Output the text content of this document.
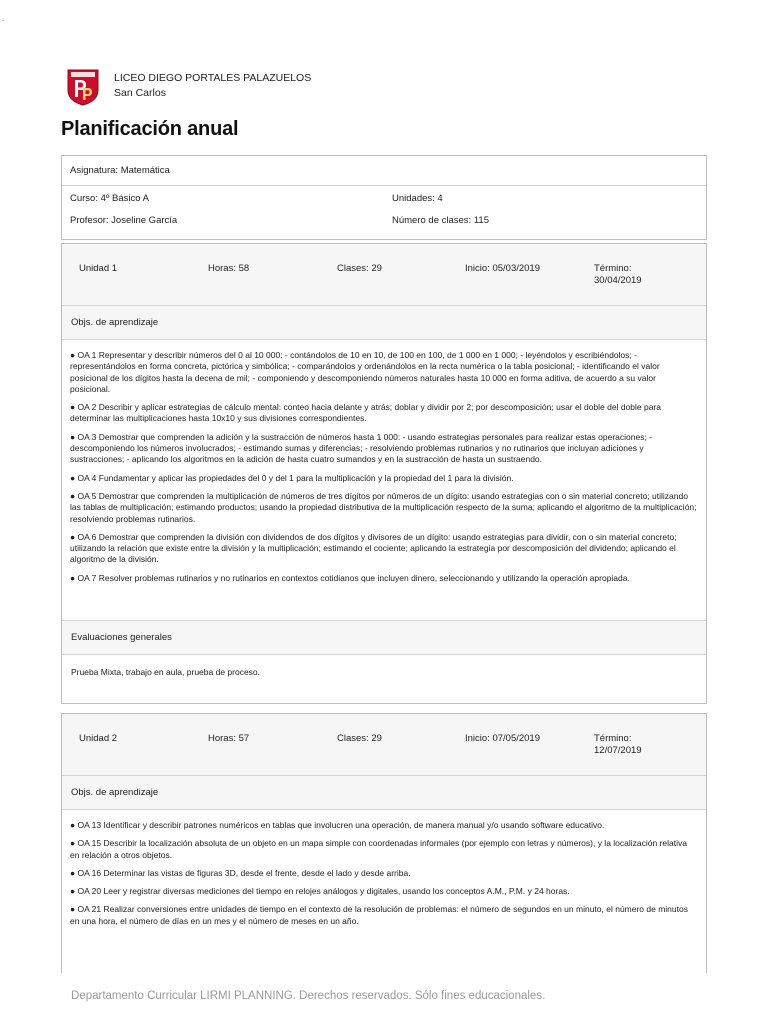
.
LICEO DIEGO PORTALES PALAZUELOS
San Carlos
Planificación anual
Asignatura: Matemática
Curso: 4º Básico A	Unidades: 4
Profesor: Joseline García	Número de clases: 115
Unidad 1	Horas: 58	Clases: 29	Inicio: 05/03/2019	Término:
30/04/2019
Objs. de aprendizaje
● OA 1 Representar y describir números del 0 al 10 000: - contándolos de 10 en 10, de 100 en 100, de 1 000 en 1 000; - leyéndolos y escribiéndolos; - representándolos en forma concreta, pictórica y simbólica; - comparándolos y ordenándolos en la recta numérica o la tabla posicional; - identificando el valor posicional de los dígitos hasta la decena de mil; - componiendo y descomponiendo números naturales hasta 10 000 en forma aditiva, de acuerdo a su valor posicional.
● OA 2 Describir y aplicar estrategias de cálculo mental: conteo hacia delante y atrás; doblar y dividir por 2; por descomposición; usar el doble del doble para determinar las multiplicaciones hasta 10x10 y sus divisiones correspondientes.
● OA 3 Demostrar que comprenden la adición y la sustracción de números hasta 1 000: - usando estrategias personales para realizar estas operaciones; - descomponiendo los números involucrados; - estimando sumas y diferencias; - resolviendo problemas rutinarios y no rutinarios que incluyan adiciones y sustracciones; - aplicando los algoritmos en la adición de hasta cuatro sumandos y en la sustracción de hasta un sustraendo.
● OA 4 Fundamentar y aplicar las propiedades del 0 y del 1 para la multiplicación y la propiedad del 1 para la división.
● OA 5 Demostrar que comprenden la multiplicación de números de tres dígitos por números de un dígito: usando estrategias con o sin material concreto; utilizando las tablas de multiplicación; estimando productos; usando la propiedad distributiva de la multiplicación respecto de la suma; aplicando el algoritmo de la multiplicación; resolviendo problemas rutinarios.
● OA 6 Demostrar que comprenden la división con dividendos de dos dígitos y divisores de un dígito: usando estrategias para dividir, con o sin material concreto; utilizando la relación que existe entre la división y la multiplicación; estimando el cociente; aplicando la estrategia por descomposición del dividendo; aplicando el algoritmo de la división.
● OA 7 Resolver problemas rutinarios y no rutinarios en contextos cotidianos que incluyen dinero, seleccionando y utilizando la operación apropiada.
Evaluaciones generales
Prueba Mixta, trabajo en aula, prueba de proceso.
Unidad 2	Horas: 57	Clases: 29	Inicio: 07/05/2019	Término:
12/07/2019
Objs. de aprendizaje
● OA 13 Identificar y describir patrones numéricos en tablas que involucren una operación, de manera manual y/o usando software educativo.
● OA 15 Describir la localización absoluta de un objeto en un mapa simple con coordenadas informales (por ejemplo con letras y números), y la localización relativa en relación a otros objetos.
● OA 16 Determinar las vistas de figuras 3D, desde el frente, desde el lado y desde arriba.
● OA 20 Leer y registrar diversas mediciones del tiempo en relojes análogos y digitales, usando los conceptos A.M., P.M. y 24 horas.
● OA 21 Realizar conversiones entre unidades de tiempo en el contexto de la resolución de problemas: el número de segundos en un minuto, el número de minutos en una hora, el número de días en un mes y el número de meses en un año.
Departamento Curricular LIRMI PLANNING. Derechos reservados. Sólo fines educacionales.
